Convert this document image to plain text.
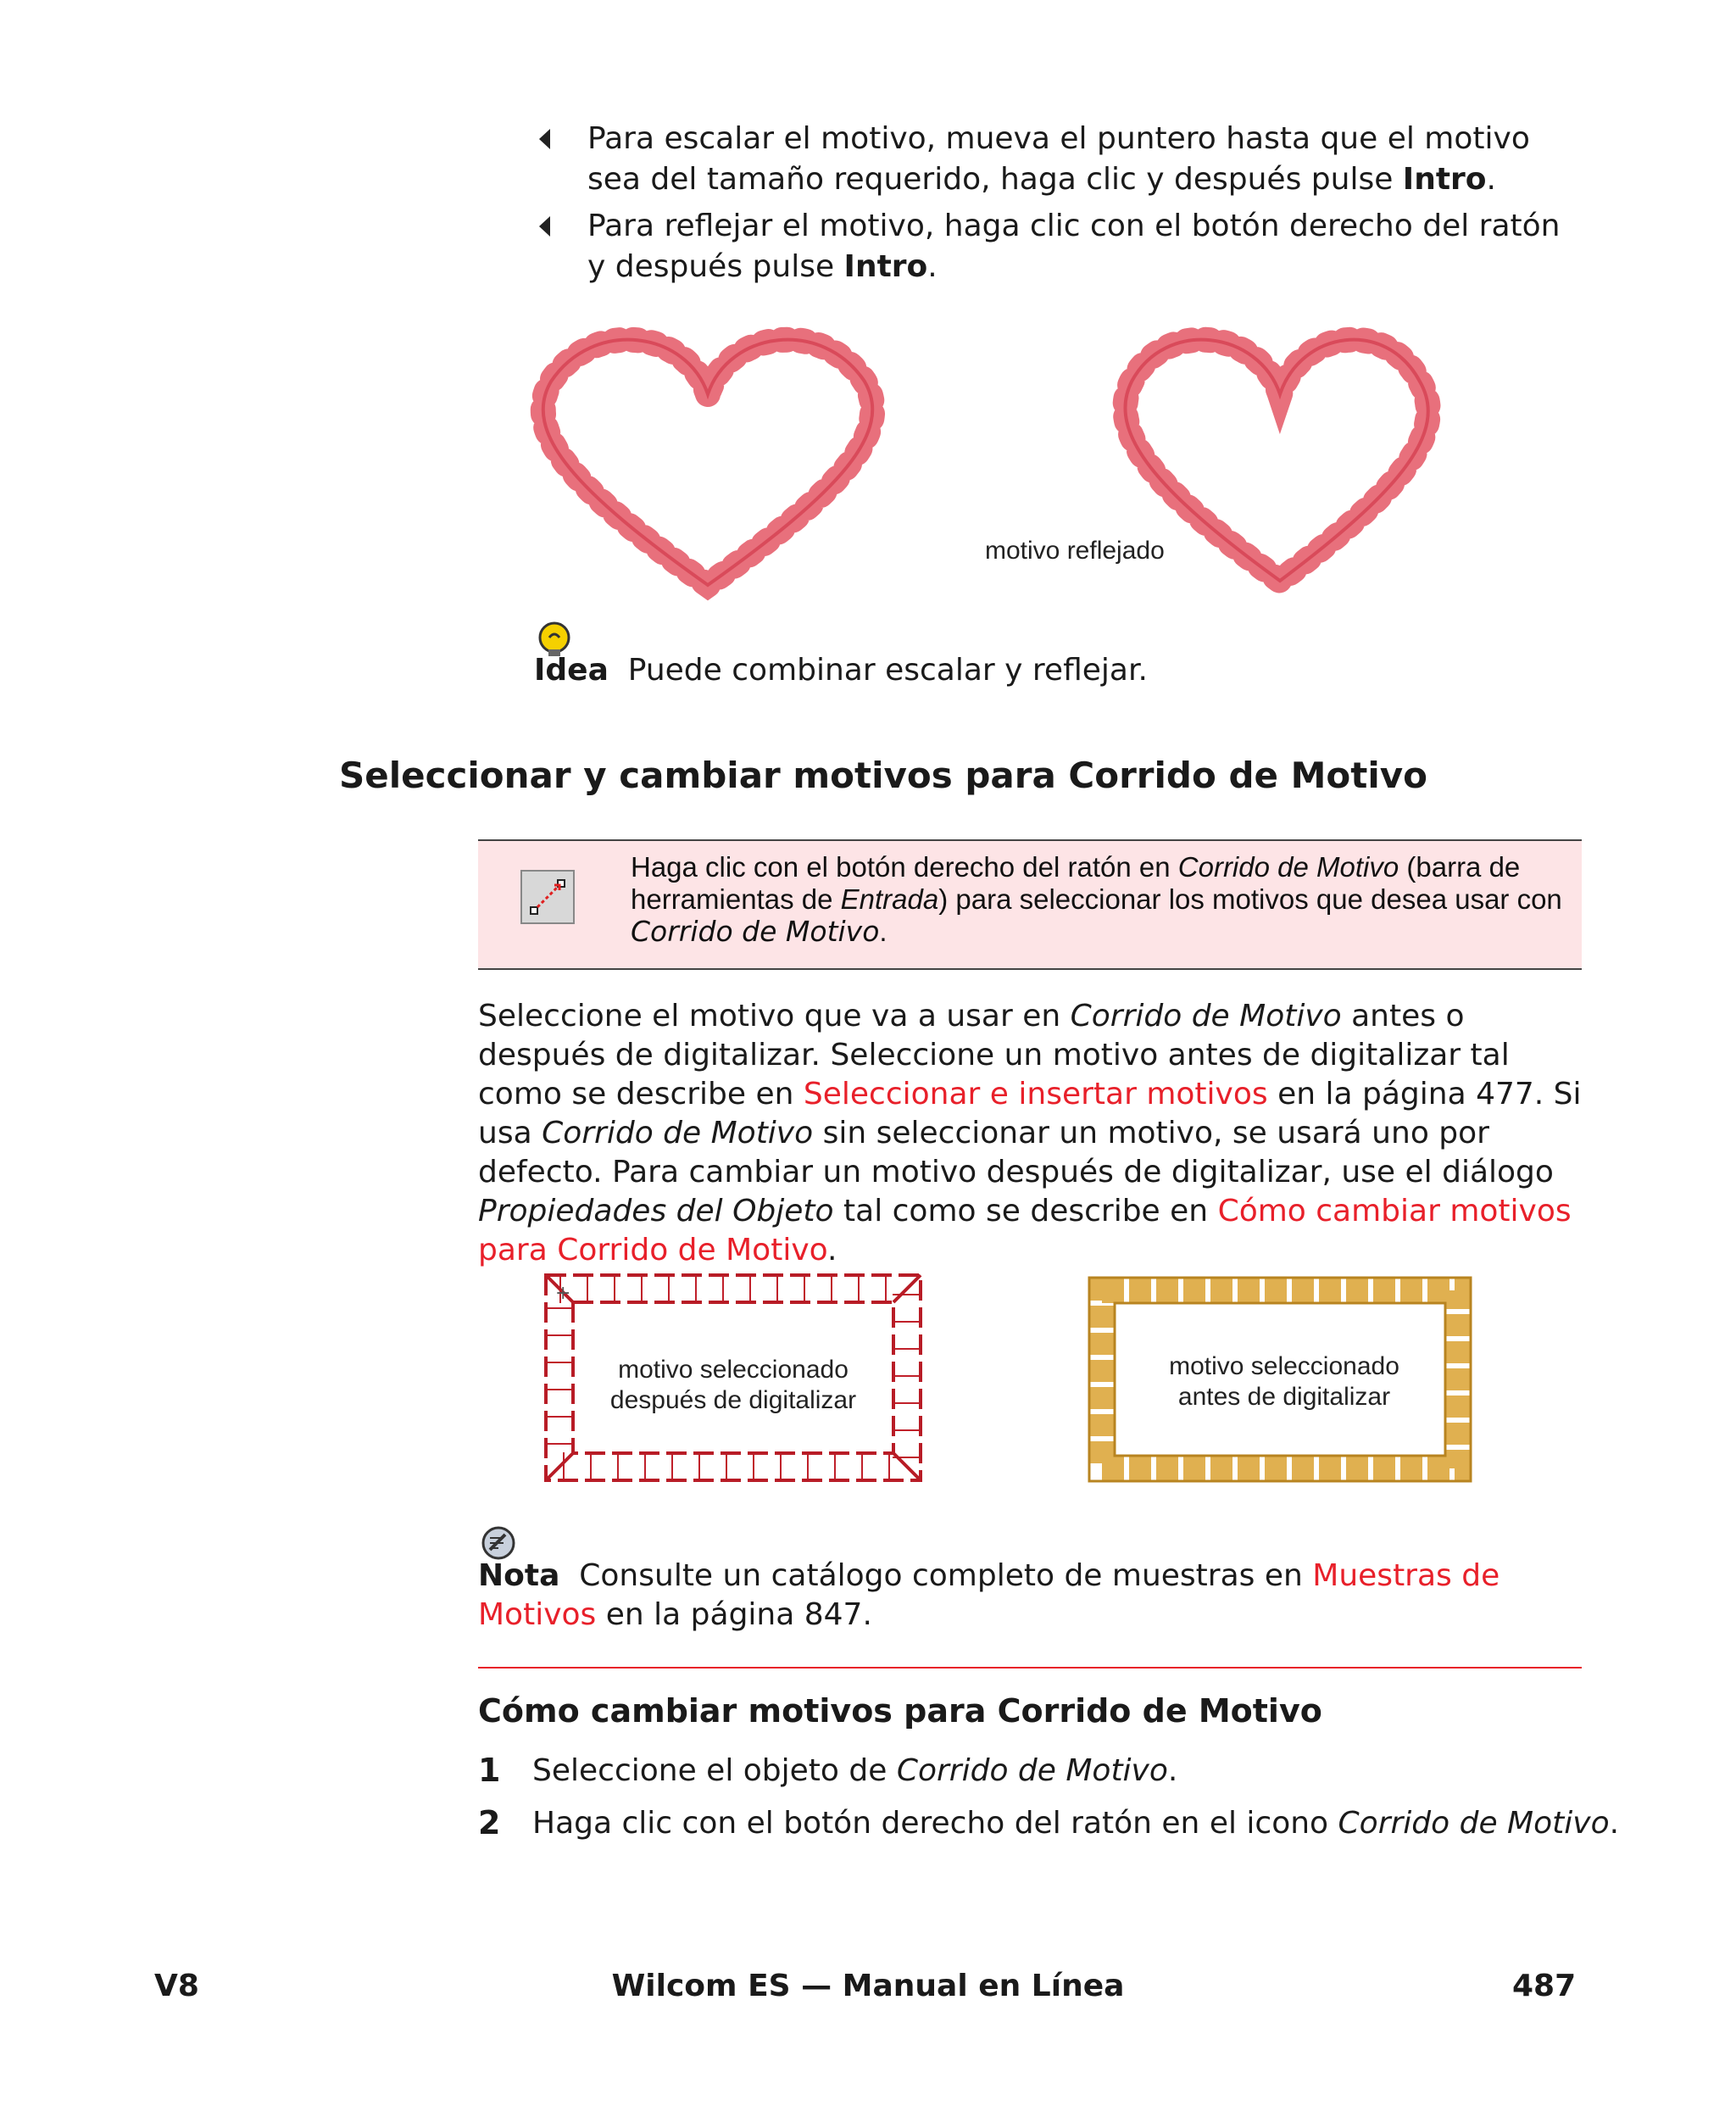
Para escalar el motivo, mueva el puntero hasta que el motivo sea del tamaño requerido, haga clic y después pulse Intro.
Para reflejar el motivo, haga clic con el botón derecho del ratón y después pulse Intro.
motivo reflejado
Idea Puede combinar escalar y reflejar.
Seleccionar y cambiar motivos para Corrido de Motivo
Haga clic con el botón derecho del ratón en Corrido de Motivo (barra de herramientas de Entrada) para seleccionar los motivos que desea usar con Corrido de Motivo.
Seleccione el motivo que va a usar en Corrido de Motivo antes o después de digitalizar. Seleccione un motivo antes de digitalizar tal como se describe en Seleccionar e insertar motivos en la página 477. Si usa Corrido de Motivo sin seleccionar un motivo, se usará uno por defecto. Para cambiar un motivo después de digitalizar, use el diálogo Propiedades del Objeto tal como se describe en Cómo cambiar motivos para Corrido de Motivo.
+
motivo seleccionado
después de digitalizar
motivo seleccionado
antes de digitalizar
Nota Consulte un catálogo completo de muestras en Muestras de Motivos en la página 847.
Cómo cambiar motivos para Corrido de Motivo
1 Seleccione el objeto de Corrido de Motivo.
2 Haga clic con el botón derecho del ratón en el icono Corrido de Motivo.
V8	Wilcom ES — Manual en Línea	487
